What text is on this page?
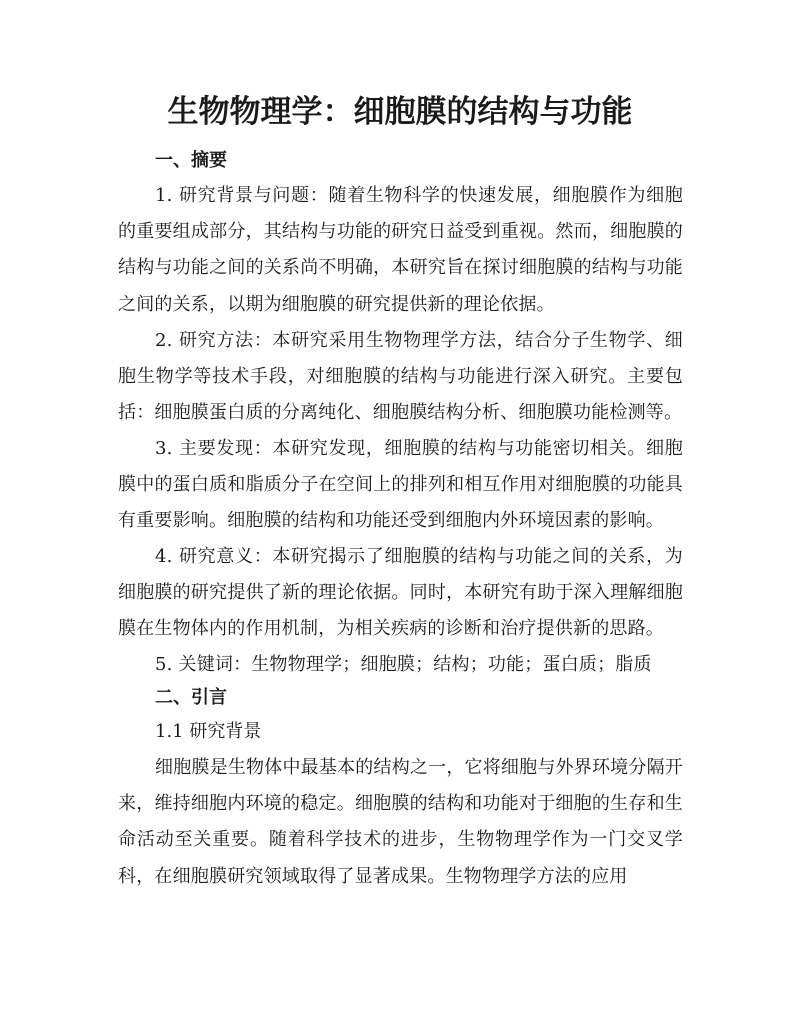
生物物理学：细胞膜的结构与功能
一、摘要

1. 研究背景与问题：随着生物科学的快速发展，细胞膜作为细胞的重要组成部分，其结构与功能的研究日益受到重视。然而，细胞膜的结构与功能之间的关系尚不明确，本研究旨在探讨细胞膜的结构与功能之间的关系，以期为细胞膜的研究提供新的理论依据。

2. 研究方法：本研究采用生物物理学方法，结合分子生物学、细胞生物学等技术手段，对细胞膜的结构与功能进行深入研究。主要包括：细胞膜蛋白质的分离纯化、细胞膜结构分析、细胞膜功能检测等。

3. 主要发现：本研究发现，细胞膜的结构与功能密切相关。细胞膜中的蛋白质和脂质分子在空间上的排列和相互作用对细胞膜的功能具有重要影响。细胞膜的结构和功能还受到细胞内外环境因素的影响。

4. 研究意义：本研究揭示了细胞膜的结构与功能之间的关系，为细胞膜的研究提供了新的理论依据。同时，本研究有助于深入理解细胞膜在生物体内的作用机制，为相关疾病的诊断和治疗提供新的思路。

5. 关键词：生物物理学；细胞膜；结构；功能；蛋白质；脂质

二、引言

1.1 研究背景

细胞膜是生物体中最基本的结构之一，它将细胞与外界环境分隔开来，维持细胞内环境的稳定。细胞膜的结构和功能对于细胞的生存和生命活动至关重要。随着科学技术的进步，生物物理学作为一门交叉学科，在细胞膜研究领域取得了显著成果。生物物理学方法的应用
